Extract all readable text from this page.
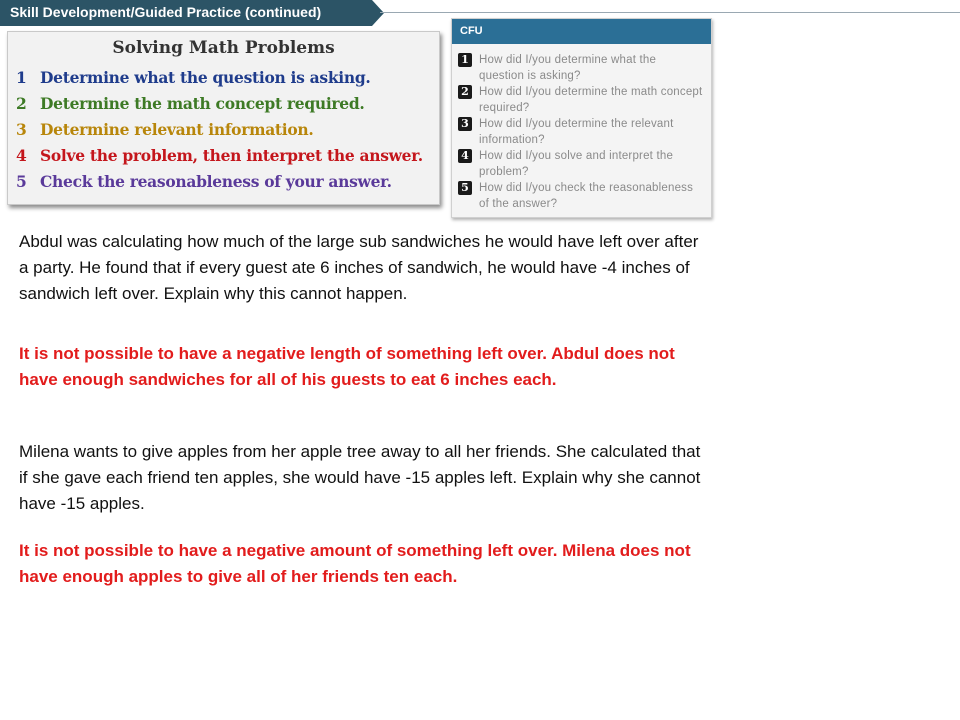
Skill Development/Guided Practice (continued)
Solving Math Problems
1 Determine what the question is asking.
2 Determine the math concept required.
3 Determine relevant information.
4 Solve the problem, then interpret the answer.
5 Check the reasonableness of your answer.
CFU
1 How did I/you determine what the question is asking?
2 How did I/you determine the math concept required?
3 How did I/you determine the relevant information?
4 How did I/you solve and interpret the problem?
5 How did I/you check the reasonableness of the answer?
Abdul was calculating how much of the large sub sandwiches he would have left over after a party. He found that if every guest ate 6 inches of sandwich, he would have -4 inches of sandwich left over. Explain why this cannot happen.
It is not possible to have a negative length of something left over. Abdul does not have enough sandwiches for all of his guests to eat 6 inches each.
Milena wants to give apples from her apple tree away to all her friends. She calculated that if she gave each friend ten apples, she would have -15 apples left. Explain why she cannot have -15 apples.
It is not possible to have a negative amount of something left over. Milena does not have enough apples to give all of her friends ten each.
